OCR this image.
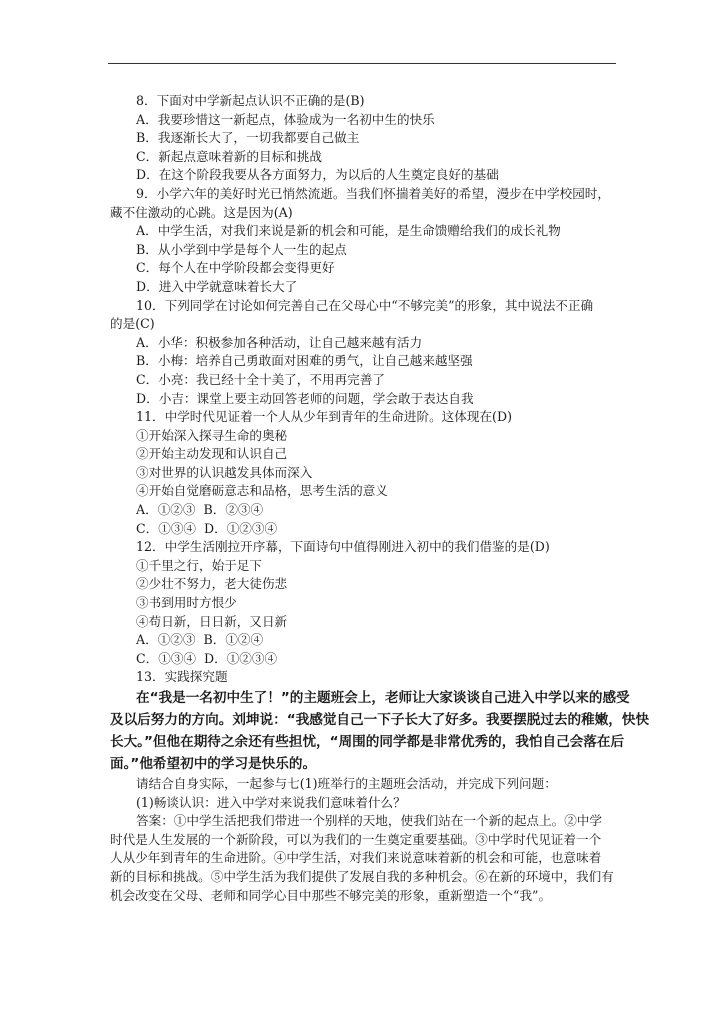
8．下面对中学新起点认识不正确的是(B)
A．我要珍惜这一新起点，体验成为一名初中生的快乐
B．我逐渐长大了，一切我都要自己做主
C．新起点意味着新的目标和挑战
D．在这个阶段我要从各方面努力，为以后的人生奠定良好的基础
9．小学六年的美好时光已悄然流逝。当我们怀揣着美好的希望，漫步在中学校园时，
藏不住激动的心跳。这是因为(A)
A．中学生活，对我们来说是新的机会和可能，是生命馈赠给我们的成长礼物
B．从小学到中学是每个人一生的起点
C．每个人在中学阶段都会变得更好
D．进入中学就意味着长大了
10．下列同学在讨论如何完善自己在父母心中“不够完美”的形象，其中说法不正确
的是(C)
A．小华：积极参加各种活动，让自己越来越有活力
B．小梅：培养自己勇敢面对困难的勇气，让自己越来越坚强
C．小亮：我已经十全十美了，不用再完善了
D．小吉：课堂上要主动回答老师的问题，学会敢于表达自我
11．中学时代见证着一个人从少年到青年的生命进阶。这体现在(D)
①开始深入探寻生命的奥秘
②开始主动发现和认识自己
③对世界的认识越发具体而深入
④开始自觉磨砺意志和品格，思考生活的意义
A．①②③  B．②③④
C．①③④  D．①②③④
12．中学生活刚拉开序幕，下面诗句中值得刚进入初中的我们借鉴的是(D)
①千里之行，始于足下
②少壮不努力，老大徒伤悲
③书到用时方恨少
④苟日新，日日新，又日新
A．①②③  B．①②④
C．①③④  D．①②③④
13．实践探究题
在“我是一名初中生了！”的主题班会上，老师让大家谈谈自己进入中学以来的感受
及以后努力的方向。刘坤说：“我感觉自己一下子长大了好多。我要摆脱过去的稚嫩，快快
长大。”但他在期待之余还有些担忧，“周围的同学都是非常优秀的，我怕自己会落在后
面。”他希望初中的学习是快乐的。
请结合自身实际，一起参与七(1)班举行的主题班会活动，并完成下列问题：
(1)畅谈认识：进入中学对来说我们意味着什么？
答案：①中学生活把我们带进一个别样的天地，使我们站在一个新的起点上。②中学
时代是人生发展的一个新阶段，可以为我们的一生奠定重要基础。③中学时代见证着一个
人从少年到青年的生命进阶。④中学生活，对我们来说意味着新的机会和可能，也意味着
新的目标和挑战。⑤中学生活为我们提供了发展自我的多种机会。⑥在新的环境中，我们有
机会改变在父母、老师和同学心目中那些不够完美的形象，重新塑造一个“我”。
